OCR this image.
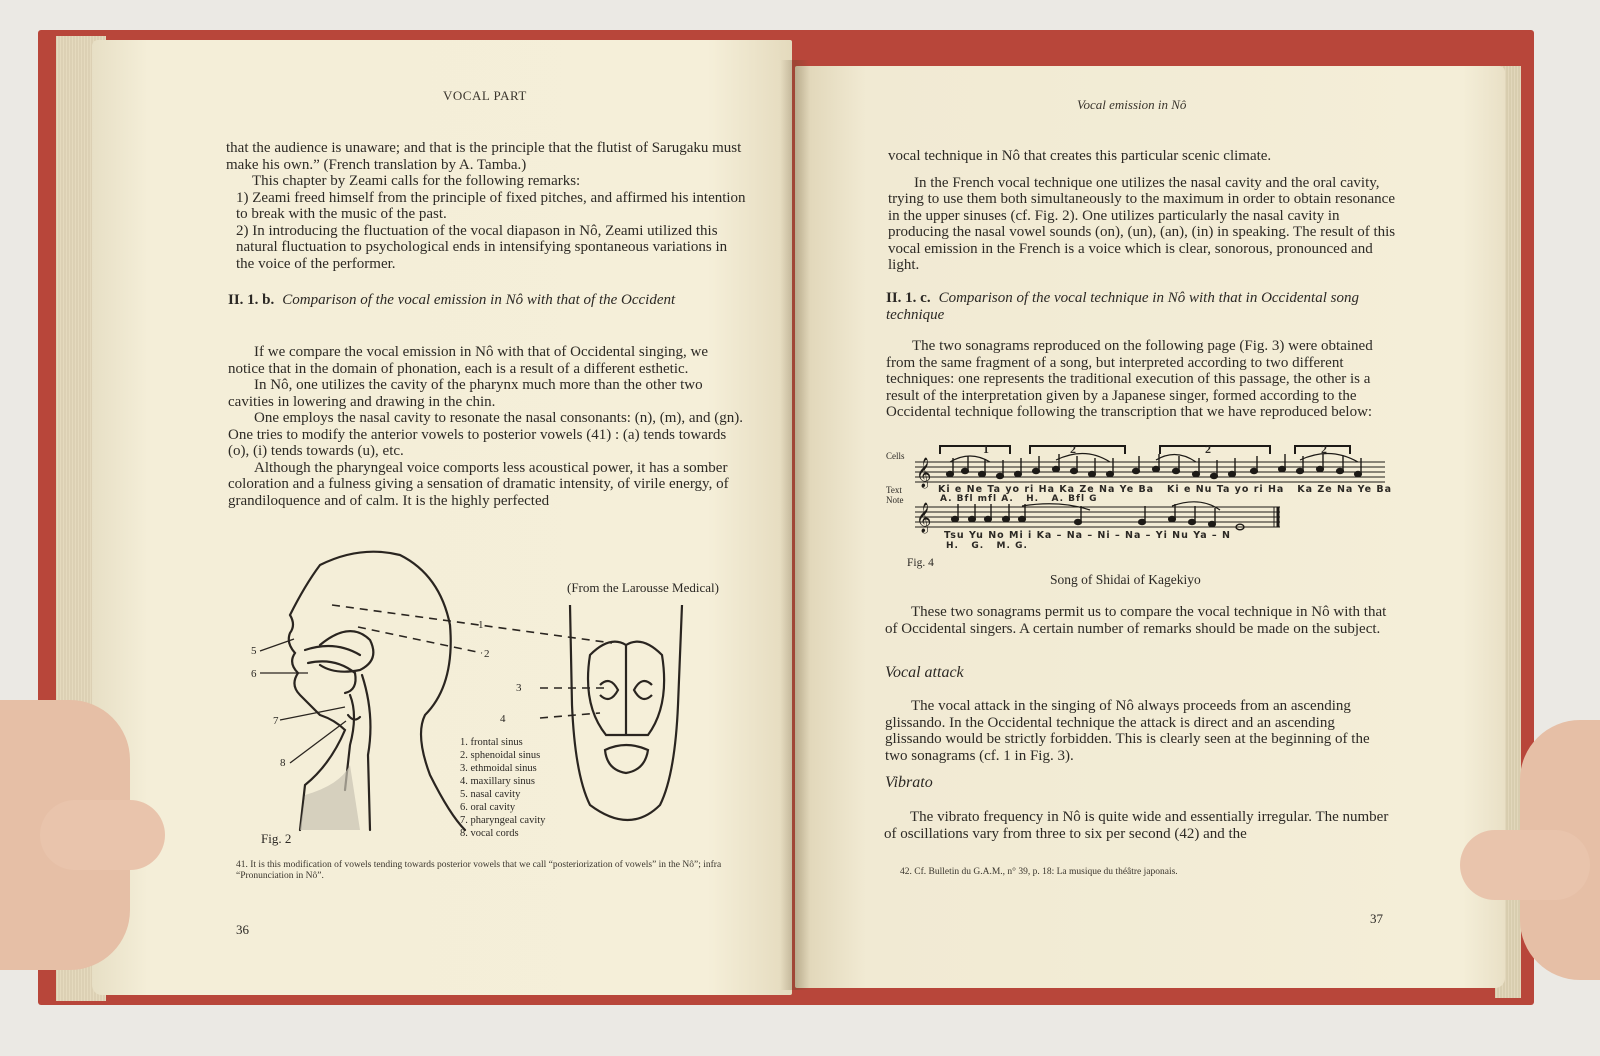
VOCAL PART

that the audience is unaware; and that is the principle that the flutist of Sarugaku must make his own.” (French translation by A. Tamba.)

This chapter by Zeami calls for the following remarks:

1) Zeami freed himself from the principle of fixed pitches, and affirmed his intention to break with the music of the past.

2) In introducing the fluctuation of the vocal diapason in Nô, Zeami utilized this natural fluctuation to psychological ends in intensifying spontaneous variations in the voice of the performer.

II. 1. b. Comparison of the vocal emission in Nô with that of the Occident

If we compare the vocal emission in Nô with that of Occidental singing, we notice that in the domain of phonation, each is a result of a different esthetic.

In Nô, one utilizes the cavity of the pharynx much more than the other two cavities in lowering and drawing in the chin.

One employs the nasal cavity to resonate the nasal consonants: (n), (m), and (gn). One tries to modify the anterior vowels to posterior vowels (41) : (a) tends towards (o), (i) tends towards (u), etc.

Although the pharyngeal voice comports less acoustical power, it has a somber coloration and a fulness giving a sensation of dramatic intensity, of virile energy, of grandiloquence and of calm. It is the highly perfected

(From the Larousse Medical)
1
2
3
4
5
6
7
8
1. frontal sinus
2. sphenoidal sinus
3. ethmoidal sinus
4. maxillary sinus
5. nasal cavity
6. oral cavity
7. pharyngeal cavity
8. vocal cords
Fig. 2
41. It is this modification of vowels tending towards posterior vowels that we call “posteriorization of vowels” in the Nô”; infra “Pronunciation in Nô”.
36
Vocal emission in Nô

vocal technique in Nô that creates this particular scenic climate.

In the French vocal technique one utilizes the nasal cavity and the oral cavity, trying to use them both simultaneously to the maximum in order to obtain resonance in the upper sinuses (cf. Fig. 2). One utilizes particularly the nasal cavity in producing the nasal vowel sounds (on), (un), (an), (in) in speaking. The result of this vocal emission in the French is a voice which is clear, sonorous, pronounced and light.

II. 1. c. Comparison of the vocal technique in Nô with that in Occidental song technique

The two sonagrams reproduced on the following page (Fig. 3) were obtained from the same fragment of a song, but interpreted according to two different techniques: one represents the traditional execution of this passage, the other is a result of the interpretation given by a Japanese singer, formed according to the Occidental technique following the transcription that we have reproduced below:

Cells
Text
Note
𝄞
𝄞
1	2	2	2
Ki e Ne Ta yo ri Ha Ka Ze Na Ye Ba   Ki e Nu Ta yo ri Ha   Ka Ze Na Ye Ba
A. Bfl mfl A.   H.   A. Bfl G
Tsu Yu No Mi i Ka – Na – Ni – Na – Yi Nu Ya – N
H.   G.   M. G.
Fig. 4
Song of Shidai of Kagekiyo

These two sonagrams permit us to compare the vocal technique in Nô with that of Occidental singers. A certain number of remarks should be made on the subject.

Vocal attack

The vocal attack in the singing of Nô always proceeds from an ascending glissando. In the Occidental technique the attack is direct and an ascending glissando would be strictly forbidden. This is clearly seen at the beginning of the two sonagrams (cf. 1 in Fig. 3).

Vibrato

The vibrato frequency in Nô is quite wide and essentially irregular. The number of oscillations vary from three to six per second (42) and the

42. Cf. Bulletin du G.A.M., n° 39, p. 18: La musique du théâtre japonais.
37
